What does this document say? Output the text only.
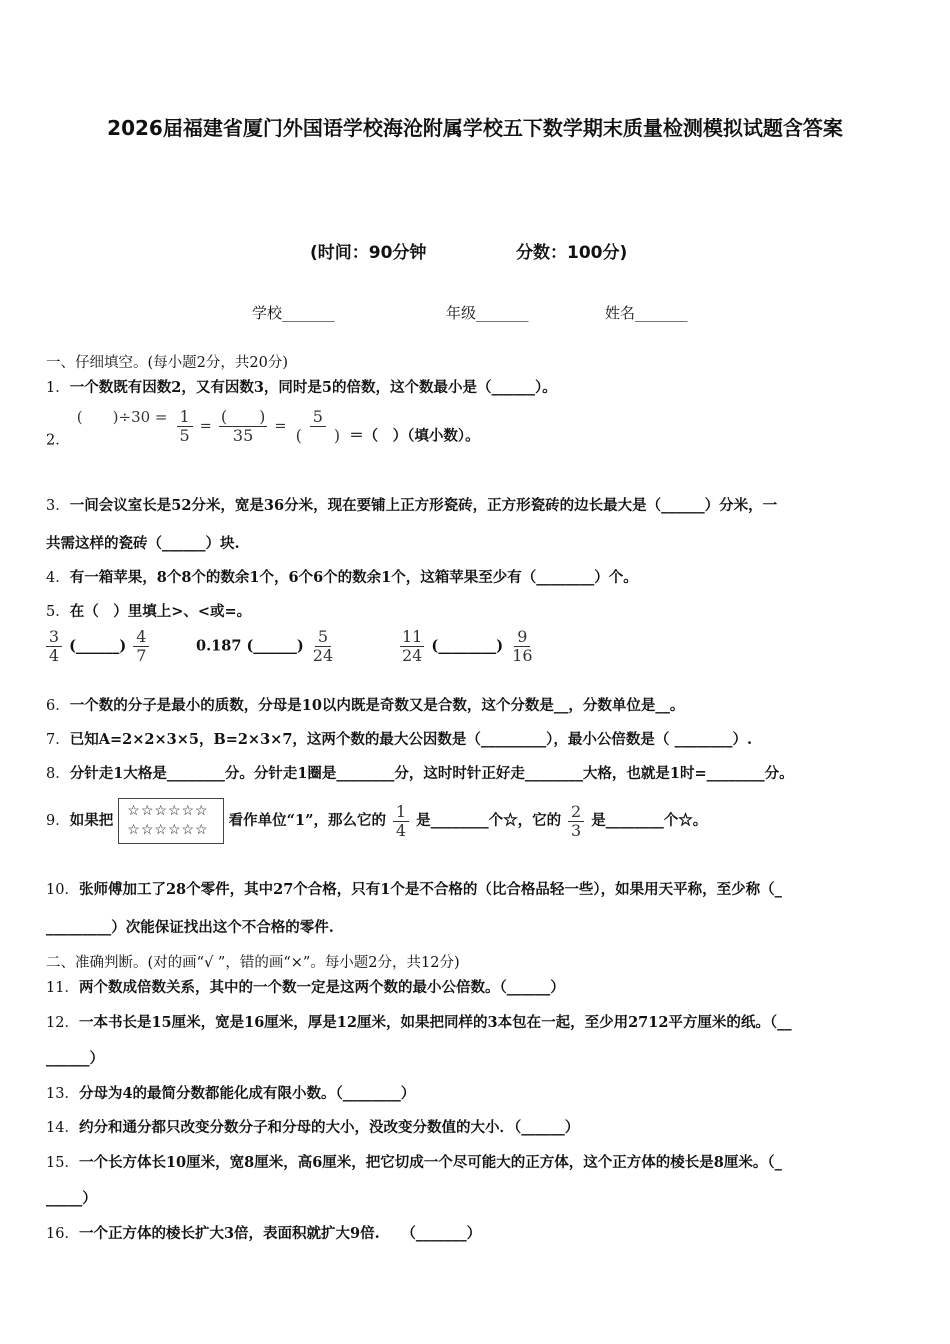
2026届福建省厦门外国语学校海沧附属学校五下数学期末质量检测模拟试题含答案
(时间：90分钟	分数：100分)
学校_______	年级_______	姓名_______
一、仔细填空。(每小题2分，共20分)
1．一个数既有因数2，又有因数3，同时是5的倍数，这个数最小是（______）。
2． (　　)$\div 30 = \frac{1}{5} = \frac{( )}{35} = \frac{5}{( )}$ ＝（　）（填小数）。
3．一间会议室长是52分米，宽是36分米，现在要铺上正方形瓷砖，正方形瓷砖的边长最大是（______）分米，一
共需这样的瓷砖（______）块.
4．有一箱苹果，8个8个的数余1个，6个6个的数余1个，这箱苹果至少有（________）个。
5．在（　）里填上>、<或=。
$\frac{3}{4}$ (______) $\frac{4}{7}$	0.187 (______) $\frac{5}{24}$	$\frac{11}{24}$ (________) $\frac{9}{16}$
6．一个数的分子是最小的质数，分母是10以内既是奇数又是合数，这个分数是__，分数单位是__。
7．已知A=2×2×3×5，B=2×3×7，这两个数的最大公因数是（_________），最小公倍数是（ ________）.
8．分针走1大格是________分。分针走1圈是________分，这时时针正好走________大格，也就是1时=________分。
9．如果把 ☆☆☆☆☆☆
☆☆☆☆☆☆ 看作单位“1”，那么它的 $\frac{1}{4}$ 是________个☆，它的 $\frac{2}{3}$ 是________个☆。
10．张师傅加工了28个零件，其中27个合格，只有1个是不合格的（比合格品轻一些），如果用天平称，至少称（_
_________）次能保证找出这个不合格的零件.
二、准确判断。(对的画“√ ”，错的画“×”。每小题2分，共12分)
11．两个数成倍数关系，其中的一个数一定是这两个数的最小公倍数。（______）
12．一本书长是15厘米，宽是16厘米，厚是12厘米，如果把同样的3本包在一起，至少用2712平方厘米的纸。（__
______）
13．分母为4的最简分数都能化成有限小数。（________）
14．约分和通分都只改变分数分子和分母的大小，没改变分数值的大小．（______）
15．一个长方体长10厘米，宽8厘米，高6厘米，把它切成一个尽可能大的正方体，这个正方体的棱长是8厘米。（_
_____）
16．一个正方体的棱长扩大3倍，表面积就扩大9倍.　　（_______）
